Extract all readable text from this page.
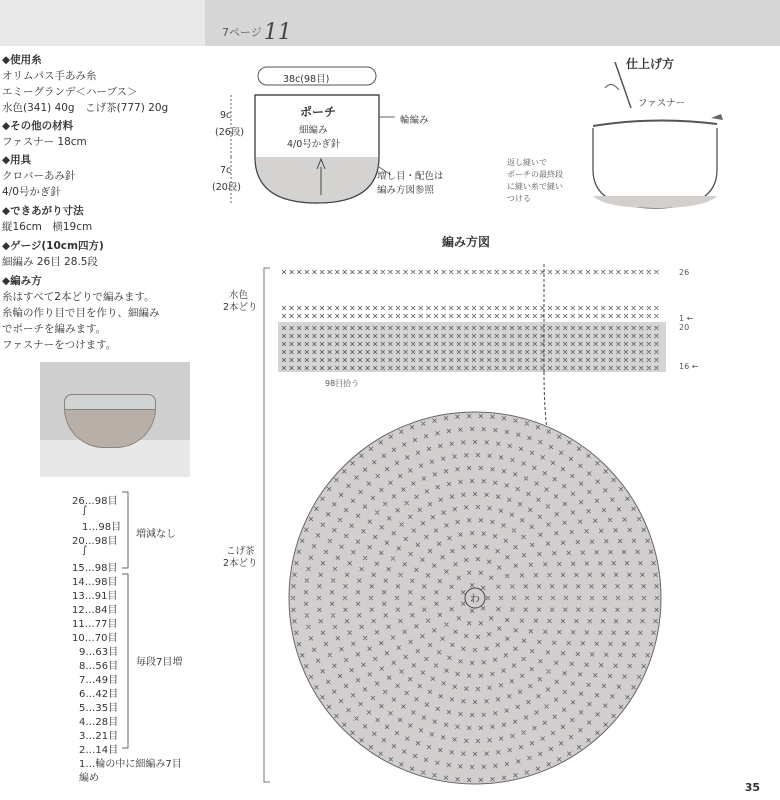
7ページ11
◆使用糸
オリムパス手あみ糸
エミーグランデ＜ハーブス＞
水色(341) 40g　こげ茶(777) 20g
◆その他の材料
ファスナー 18cm
◆用具
クロバーあみ針
4/0号かぎ針
◆できあがり寸法
縦16cm　横19cm
◆ゲージ(10cm四方)
細編み 26目 28.5段
◆編み方
糸はすべて2本どりで編みます。
糸輪の作り目で目を作り、細編み
でポーチを編みます。
ファスナーをつけます。
26…98目
∫
1…98目
20…98目
∫
15…98目
増減なし
14…98目
13…91目
12…84目
11…77目
10…70目
9…63目
8…56目
7…49目
6…42目
5…35目
4…28目
3…21目
2…14目
毎段7目増
1…輪の中に細編み7目
編め
38c(98目)
ポーチ
細編み
4/0号かぎ針
9c
(26段)
7c
(20段)
輪編み
増し目・配色は
編み方図参照
仕上げ方
ファスナー
返し縫いで
ポーチの最終段
に縫い糸で縫い
つける
編み方図
水色
2本どり
こげ茶
2本どり
98目拾う
26
1 ←
20
16 ←
わ
35
